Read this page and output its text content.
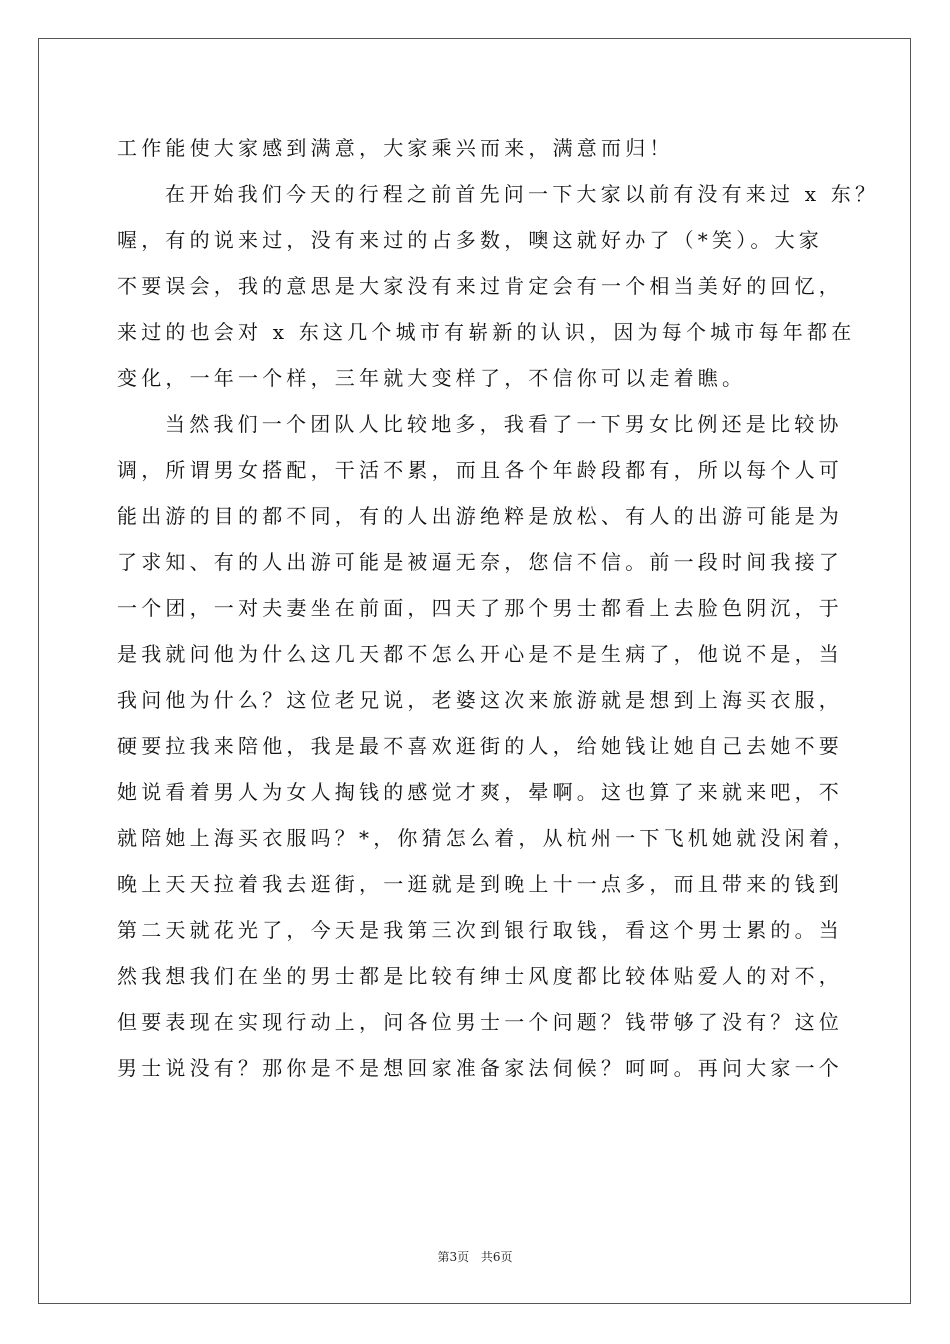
工作能使大家感到满意，大家乘兴而来，满意而归！
在开始我们今天的行程之前首先问一下大家以前有没有来过 x 东？
喔，有的说来过，没有来过的占多数，噢这就好办了（*笑）。大家
不要误会，我的意思是大家没有来过肯定会有一个相当美好的回忆，
来过的也会对 x 东这几个城市有崭新的认识，因为每个城市每年都在
变化，一年一个样，三年就大变样了，不信你可以走着瞧。
当然我们一个团队人比较地多，我看了一下男女比例还是比较协
调，所谓男女搭配，干活不累，而且各个年龄段都有，所以每个人可
能出游的目的都不同，有的人出游绝粹是放松、有人的出游可能是为
了求知、有的人出游可能是被逼无奈，您信不信。前一段时间我接了
一个团，一对夫妻坐在前面，四天了那个男士都看上去脸色阴沉，于
是我就问他为什么这几天都不怎么开心是不是生病了，他说不是，当
我问他为什么？这位老兄说，老婆这次来旅游就是想到上海买衣服，
硬要拉我来陪他，我是最不喜欢逛街的人，给她钱让她自己去她不要
她说看着男人为女人掏钱的感觉才爽，晕啊。这也算了来就来吧，不
就陪她上海买衣服吗？*，你猜怎么着，从杭州一下飞机她就没闲着，
晚上天天拉着我去逛街，一逛就是到晚上十一点多，而且带来的钱到
第二天就花光了，今天是我第三次到银行取钱，看这个男士累的。当
然我想我们在坐的男士都是比较有绅士风度都比较体贴爱人的对不，
但要表现在实现行动上，问各位男士一个问题？钱带够了没有？这位
男士说没有？那你是不是想回家准备家法伺候？呵呵。再问大家一个
第3页 共6页
